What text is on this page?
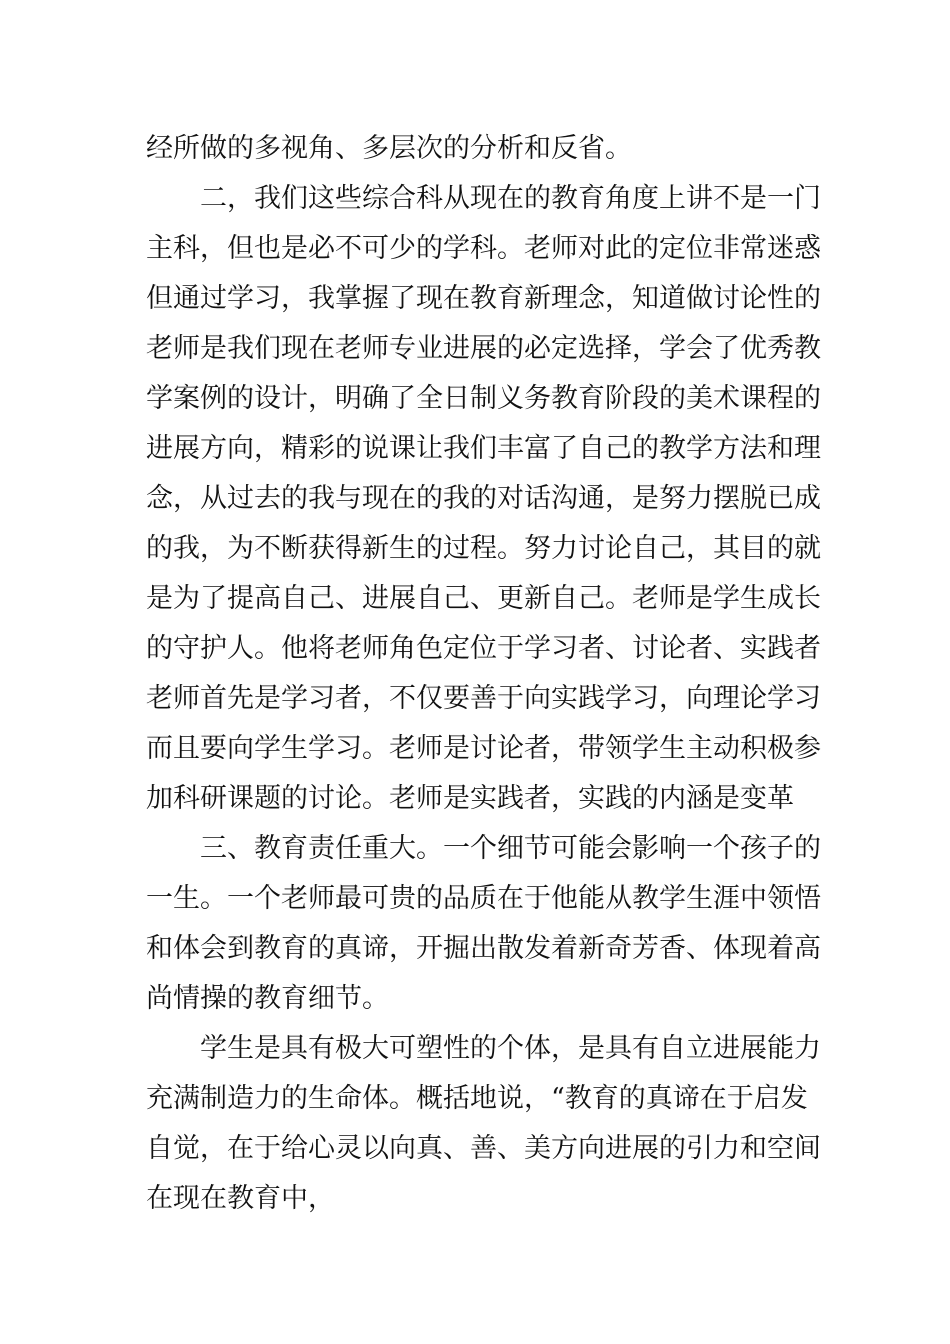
经所做的多视角、多层次的分析和反省。
二，我们这些综合科从现在的教育角度上讲不是一门
主科，但也是必不可少的学科。老师对此的定位非常迷惑
但通过学习，我掌握了现在教育新理念，知道做讨论性的
老师是我们现在老师专业进展的必定选择，学会了优秀教
学案例的设计，明确了全日制义务教育阶段的美术课程的
进展方向，精彩的说课让我们丰富了自己的教学方法和理
念，从过去的我与现在的我的对话沟通，是努力摆脱已成
的我，为不断获得新生的过程。努力讨论自己，其目的就
是为了提高自己、进展自己、更新自己。老师是学生成长
的守护人。他将老师角色定位于学习者、讨论者、实践者
老师首先是学习者，不仅要善于向实践学习，向理论学习
而且要向学生学习。老师是讨论者，带领学生主动积极参
加科研课题的讨论。老师是实践者，实践的内涵是变革
三、教育责任重大。一个细节可能会影响一个孩子的
一生。一个老师最可贵的品质在于他能从教学生涯中领悟
和体会到教育的真谛，开掘出散发着新奇芳香、体现着高
尚情操的教育细节。
学生是具有极大可塑性的个体，是具有自立进展能力
充满制造力的生命体。概括地说，“教育的真谛在于启发
自觉，在于给心灵以向真、善、美方向进展的引力和空间
在现在教育中，
